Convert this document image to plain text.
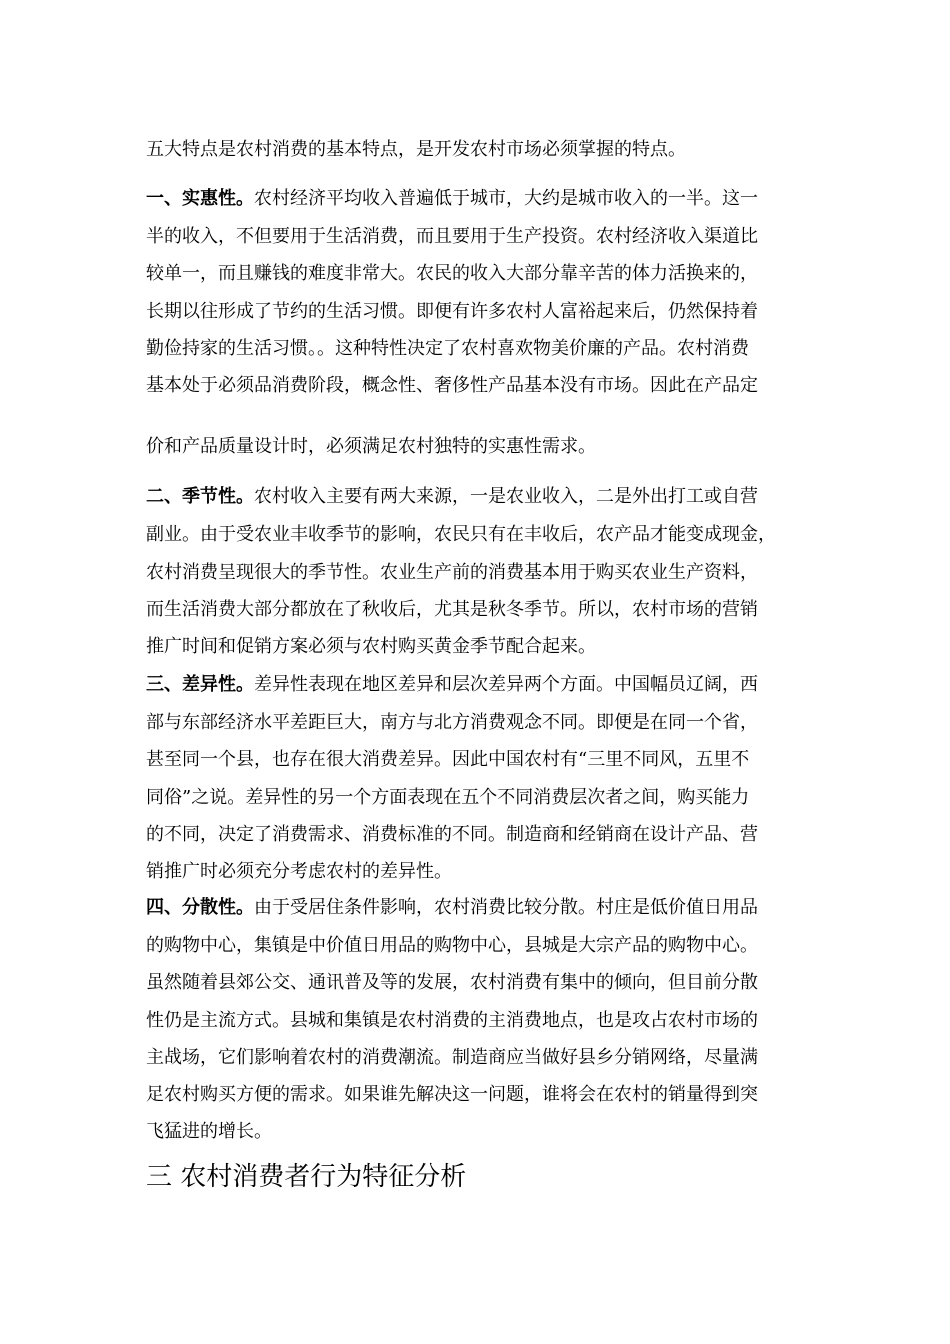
五大特点是农村消费的基本特点，是开发农村市场必须掌握的特点。

一、实惠性。农村经济平均收入普遍低于城市，大约是城市收入的一半。这一

半的收入，不但要用于生活消费，而且要用于生产投资。农村经济收入渠道比

较单一，而且赚钱的难度非常大。农民的收入大部分靠辛苦的体力活换来的，

长期以往形成了节约的生活习惯。即便有许多农村人富裕起来后，仍然保持着

勤俭持家的生活习惯。。这种特性决定了农村喜欢物美价廉的产品。农村消费

基本处于必须品消费阶段，概念性、奢侈性产品基本没有市场。因此在产品定

价和产品质量设计时，必须满足农村独特的实惠性需求。

二、季节性。农村收入主要有两大来源，一是农业收入，二是外出打工或自营

副业。由于受农业丰收季节的影响，农民只有在丰收后，农产品才能变成现金，

农村消费呈现很大的季节性。农业生产前的消费基本用于购买农业生产资料，

而生活消费大部分都放在了秋收后，尤其是秋冬季节。所以，农村市场的营销

推广时间和促销方案必须与农村购买黄金季节配合起来。

三、差异性。差异性表现在地区差异和层次差异两个方面。中国幅员辽阔，西

部与东部经济水平差距巨大，南方与北方消费观念不同。即便是在同一个省，

甚至同一个县，也存在很大消费差异。因此中国农村有“三里不同风，五里不

同俗”之说。差异性的另一个方面表现在五个不同消费层次者之间，购买能力

的不同，决定了消费需求、消费标准的不同。制造商和经销商在设计产品、营

销推广时必须充分考虑农村的差异性。

四、分散性。由于受居住条件影响，农村消费比较分散。村庄是低价值日用品

的购物中心，集镇是中价值日用品的购物中心，县城是大宗产品的购物中心。

虽然随着县郊公交、通讯普及等的发展，农村消费有集中的倾向，但目前分散

性仍是主流方式。县城和集镇是农村消费的主消费地点，也是攻占农村市场的

主战场，它们影响着农村的消费潮流。制造商应当做好县乡分销网络，尽量满

足农村购买方便的需求。如果谁先解决这一问题，谁将会在农村的销量得到突

飞猛进的增长。

三 农村消费者行为特征分析
